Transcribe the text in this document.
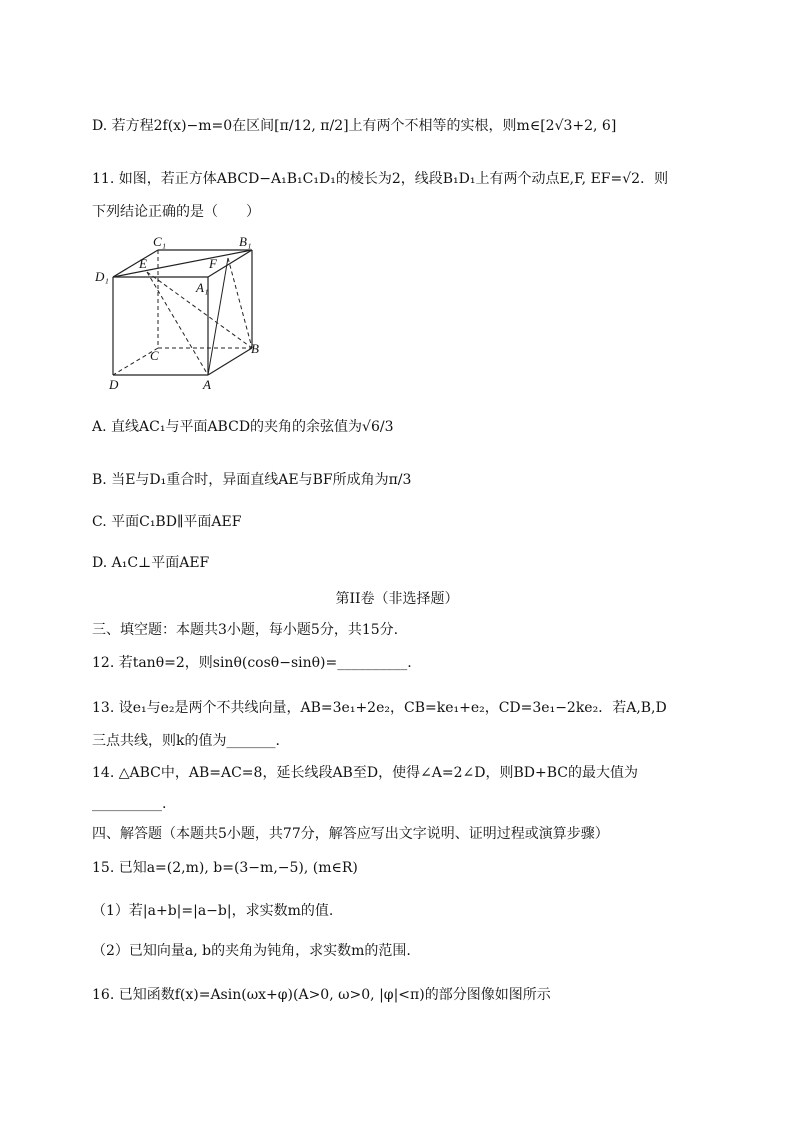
D. 若方程2f(x)−m=0在区间[π/12, π/2]上有两个不相等的实根，则m∈[2√3+2, 6]
11. 如图，若正方体ABCD−A₁B₁C₁D₁的棱长为2，线段B₁D₁上有两个动点E,F, EF=√2．则
下列结论正确的是（　　）
C₁	B₁
D₁
E	F
A₁
C	B
D	A
A. 直线AC₁与平面ABCD的夹角的余弦值为√6/3
B. 当E与D₁重合时，异面直线AE与BF所成角为π/3
C. 平面C₁BD∥平面AEF
D. A₁C⊥平面AEF
第II卷（非选择题）
三、填空题：本题共3小题，每小题5分，共15分.
12. 若tanθ=2，则sinθ(cosθ−sinθ)=__________.
13. 设e₁与e₂是两个不共线向量，AB=3e₁+2e₂，CB=ke₁+e₂，CD=3e₁−2ke₂．若A,B,D
三点共线，则k的值为_______.
14. △ABC中，AB=AC=8，延长线段AB至D，使得∠A=2∠D，则BD+BC的最大值为
__________.
四、解答题（本题共5小题，共77分，解答应写出文字说明、证明过程或演算步骤）
15. 已知a=(2,m), b=(3−m,−5), (m∈R)
（1）若|a+b|=|a−b|，求实数m的值.
（2）已知向量a, b的夹角为钝角，求实数m的范围.
16. 已知函数f(x)=Asin(ωx+φ)(A>0, ω>0, |φ|<π)的部分图像如图所示
